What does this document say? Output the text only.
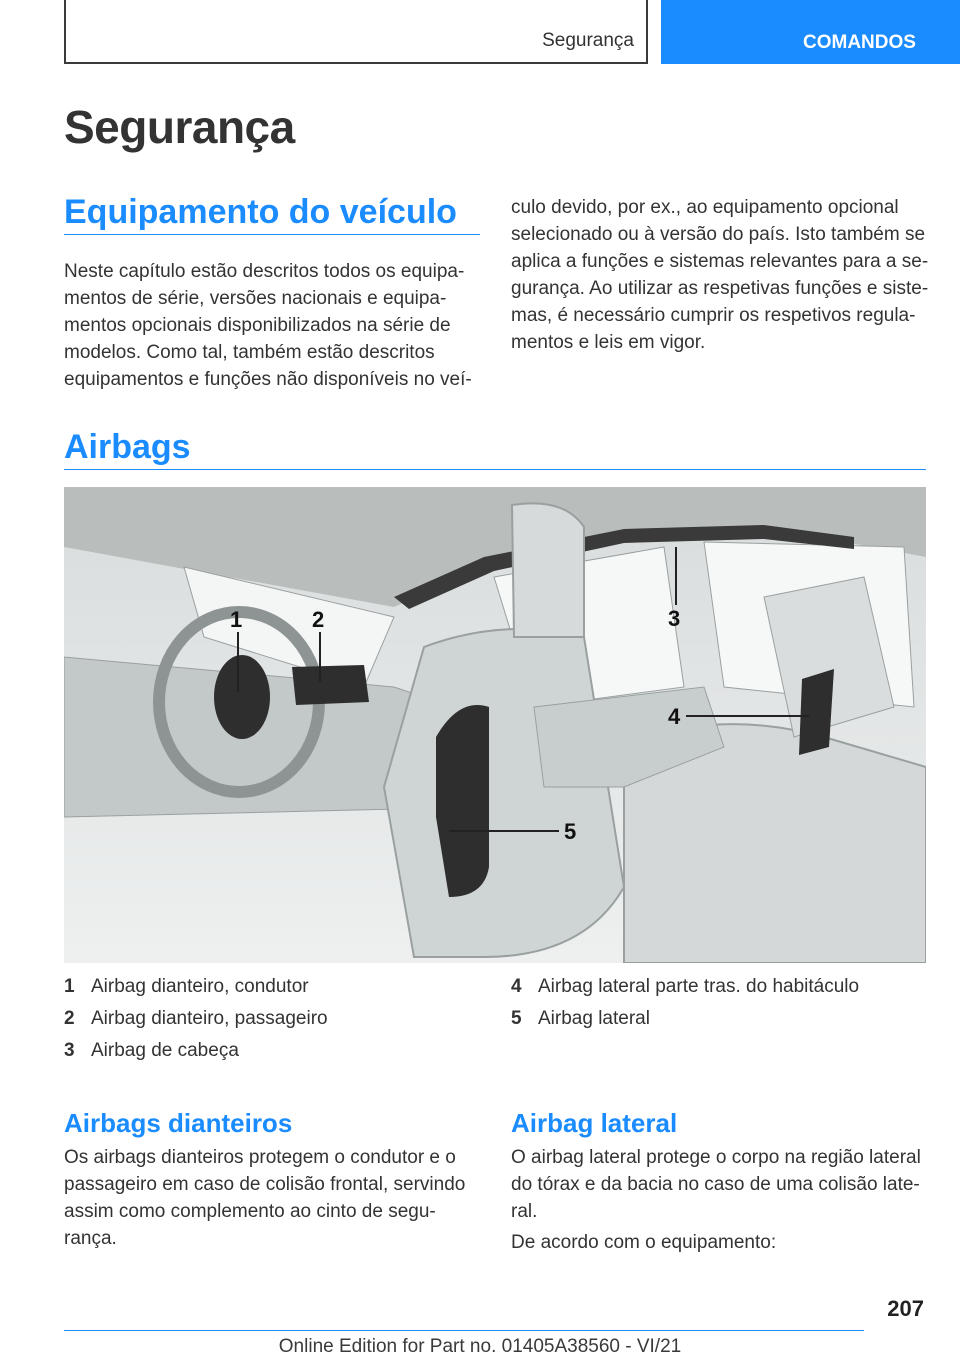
Segurança	COMANDOS
Segurança
Equipamento do veículo

Neste capítulo estão descritos todos os equipa-mentos de série, versões nacionais e equipa-mentos opcionais disponibilizados na série de modelos. Como tal, também estão descritos equipamentos e funções não disponíveis no veí-

culo devido, por ex., ao equipamento opcional selecionado ou à versão do país. Isto também se aplica a funções e sistemas relevantes para a se-gurança. Ao utilizar as respetivas funções e siste-mas, é necessário cumprir os respetivos regula-mentos e leis em vigor.

Airbags
1	2	3
4
5
1 Airbag dianteiro, condutor
2 Airbag dianteiro, passageiro
3 Airbag de cabeça
4 Airbag lateral parte tras. do habitáculo
5 Airbag lateral
Airbags dianteiros

Os airbags dianteiros protegem o condutor e o passageiro em caso de colisão frontal, servindo assim como complemento ao cinto de segu-rança.

Airbag lateral

O airbag lateral protege o corpo na região lateral do tórax e da bacia no caso de uma colisão late-ral.

De acordo com o equipamento:

207
Online Edition for Part no. 01405A38560 - VI/21
